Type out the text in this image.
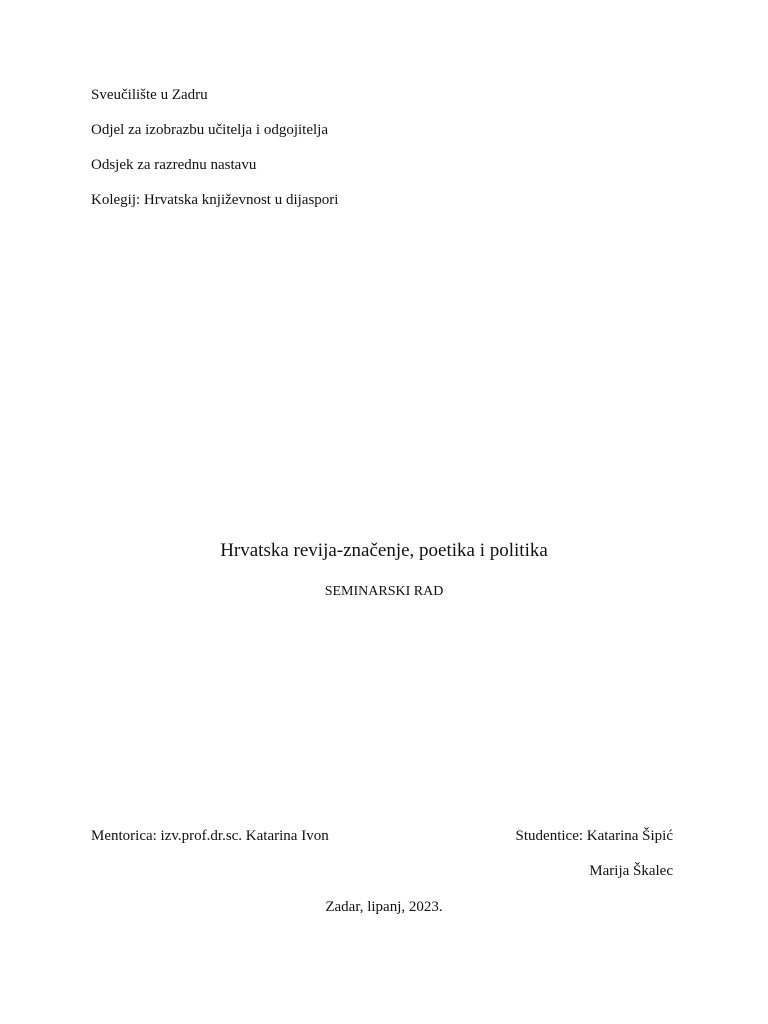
Sveučilište u Zadru
Odjel za izobrazbu učitelja i odgojitelja
Odsjek za razrednu nastavu
Kolegij: Hrvatska književnost u dijaspori
Hrvatska revija-značenje, poetika i politika
SEMINARSKI RAD
Mentorica: izv.prof.dr.sc. Katarina Ivon	Studentice: Katarina Šipić
Marija Škalec
Zadar, lipanj, 2023.
